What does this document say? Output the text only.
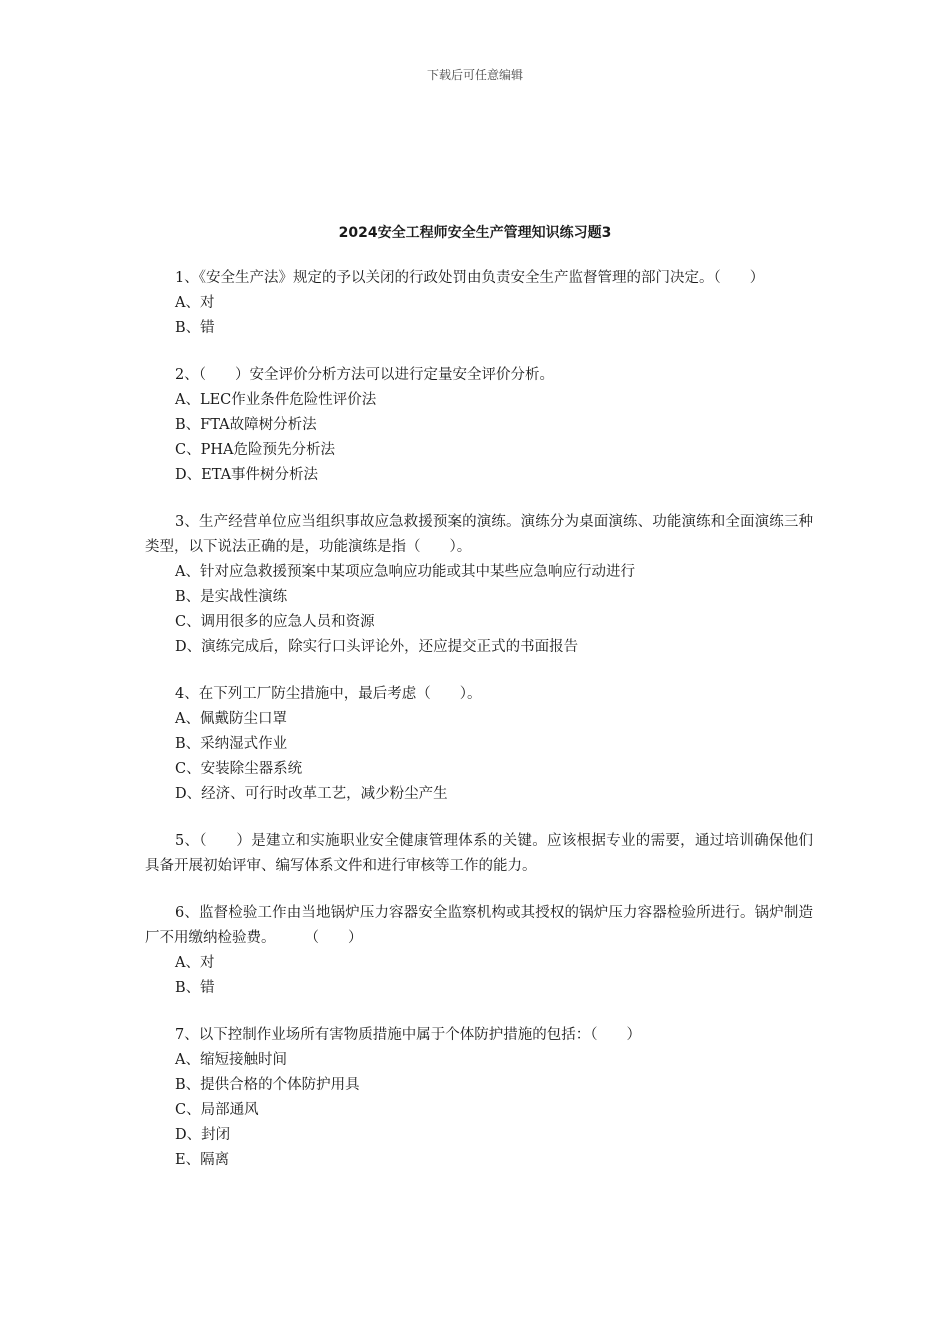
下载后可任意编辑
2024安全工程师安全生产管理知识练习题3
1、《安全生产法》规定的予以关闭的行政处罚由负责安全生产监督管理的部门决定。（　　）
A、对
B、错
2、（　　）安全评价分析方法可以进行定量安全评价分析。
A、LEC作业条件危险性评价法
B、FTA故障树分析法
C、PHA危险预先分析法
D、ETA事件树分析法
3、生产经营单位应当组织事故应急救援预案的演练。演练分为桌面演练、功能演练和全面演练三种类型，以下说法正确的是，功能演练是指（　　）。
A、针对应急救援预案中某项应急响应功能或其中某些应急响应行动进行
B、是实战性演练
C、调用很多的应急人员和资源
D、演练完成后，除实行口头评论外，还应提交正式的书面报告
4、在下列工厂防尘措施中，最后考虑（　　）。
A、佩戴防尘口罩
B、采纳湿式作业
C、安装除尘器系统
D、经济、可行时改革工艺，减少粉尘产生
5、（　　）是建立和实施职业安全健康管理体系的关键。应该根据专业的需要，通过培训确保他们具备开展初始评审、编写体系文件和进行审核等工作的能力。
6、监督检验工作由当地锅炉压力容器安全监察机构或其授权的锅炉压力容器检验所进行。锅炉制造厂不用缴纳检验费。　　　（　　）
A、对
B、错
7、以下控制作业场所有害物质措施中属于个体防护措施的包括：（　　）
A、缩短接触时间
B、提供合格的个体防护用具
C、局部通风
D、封闭
E、隔离
